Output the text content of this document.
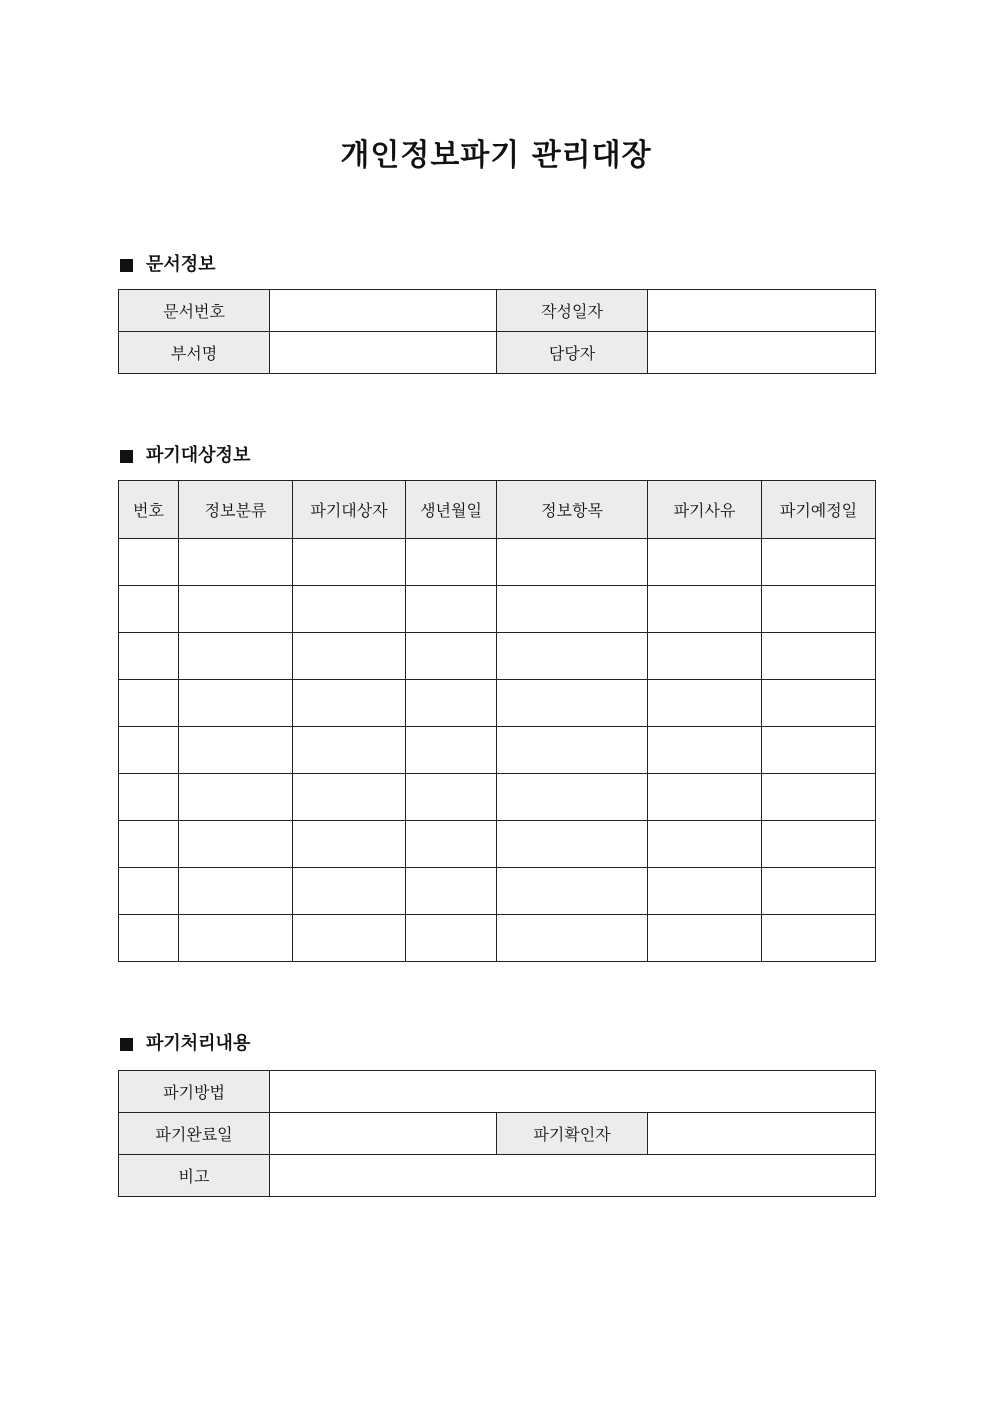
개인정보파기 관리대장
문서정보
문서번호		작성일자	
부서명		담당자	
파기대상정보
번호	정보분류	파기대상자	생년월일	정보항목	파기사유	파기예정일

파기처리내용
파기방법			
파기완료일		파기확인자	
비고			
